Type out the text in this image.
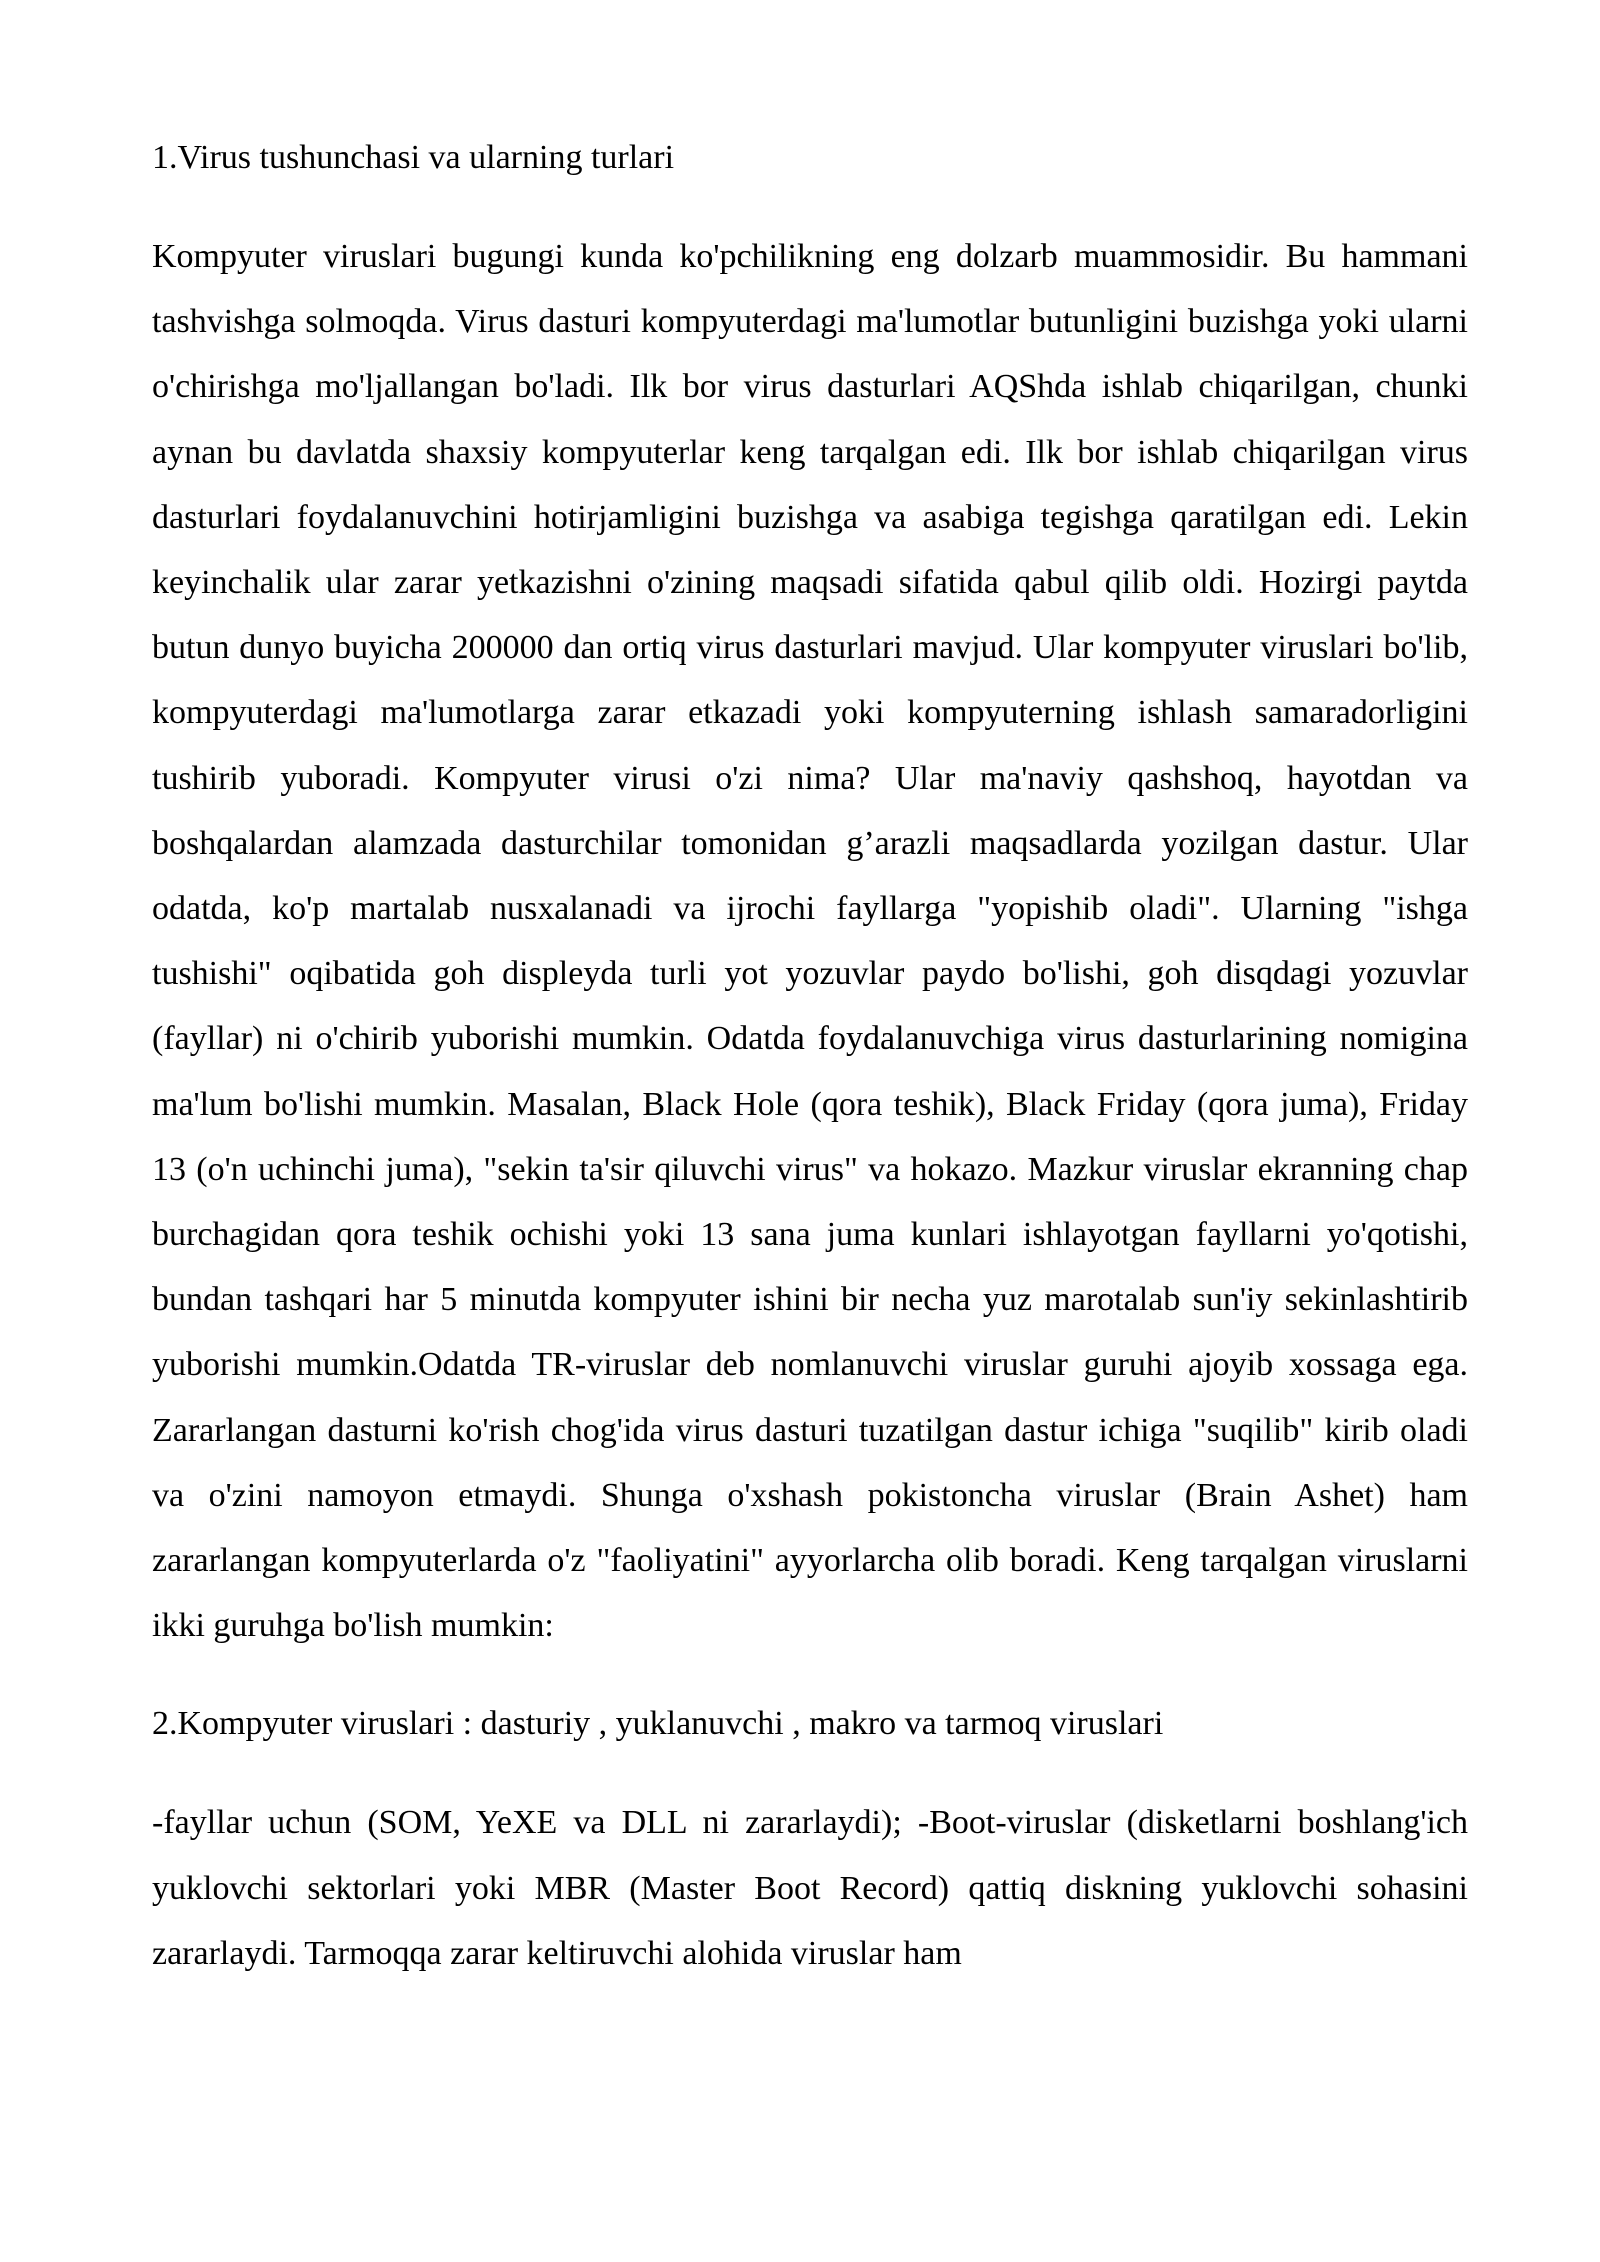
1.Virus tushunchasi va ularning turlari

Kompyuter viruslari bugungi kunda ko'pchilikning eng dolzarb muammosidir. Bu hammani tashvishga solmoqda. Virus dasturi kompyuterdagi ma'lumotlar butunligini buzishga yoki ularni o'chirishga mo'ljallangan bo'ladi. Ilk bor virus dasturlari AQShda ishlab chiqarilgan, chunki aynan bu davlatda shaxsiy kompyuterlar keng tarqalgan edi. Ilk bor ishlab chiqarilgan virus dasturlari foydalanuvchini hotirjamligini buzishga va asabiga tegishga qaratilgan edi. Lekin keyinchalik ular zarar yetkazishni o'zining maqsadi sifatida qabul qilib oldi. Hozirgi paytda butun dunyo buyicha 200000 dan ortiq virus dasturlari mavjud. Ular kompyuter viruslari bo'lib, kompyuterdagi ma'lumotlarga zarar etkazadi yoki kompyuterning ishlash samaradorligini tushirib yuboradi. Kompyuter virusi o'zi nima? Ular ma'naviy qashshoq, hayotdan va boshqalardan alamzada dasturchilar tomonidan g’arazli maqsadlarda yozilgan dastur. Ular odatda, ko'p martalab nusxalanadi va ijrochi fayllarga "yopishib oladi". Ularning "ishga tushishi" oqibatida goh displeyda turli yot yozuvlar paydo bo'lishi, goh disqdagi yozuvlar (fayllar) ni o'chirib yuborishi mumkin. Odatda foydalanuvchiga virus dasturlarining nomigina ma'lum bo'lishi mumkin. Masalan, Black Hole (qora teshik), Black Friday (qora juma), Friday 13 (o'n uchinchi juma), "sekin ta'sir qiluvchi virus" va hokazo. Mazkur viruslar ekranning chap burchagidan qora teshik ochishi yoki 13 sana juma kunlari ishlayotgan fayllarni yo'qotishi, bundan tashqari har 5 minutda kompyuter ishini bir necha yuz marotalab sun'iy sekinlashtirib yuborishi mumkin.Odatda TR-viruslar deb nomlanuvchi viruslar guruhi ajoyib xossaga ega. Zararlangan dasturni ko'rish chog'ida virus dasturi tuzatilgan dastur ichiga "suqilib" kirib oladi va o'zini namoyon etmaydi. Shunga o'xshash pokistoncha viruslar (Brain Ashet) ham zararlangan kompyuterlarda o'z "faoliyatini" ayyorlarcha olib boradi. Keng tarqalgan viruslarni ikki guruhga bo'lish mumkin:

2.Kompyuter viruslari : dasturiy , yuklanuvchi , makro va tarmoq viruslari

-fayllar uchun (SOM, YeXE va DLL ni zararlaydi); -Boot-viruslar (disketlarni boshlang'ich yuklovchi sektorlari yoki MBR (Master Boot Record) qattiq diskning yuklovchi sohasini zararlaydi. Tarmoqqa zarar keltiruvchi alohida viruslar ham
